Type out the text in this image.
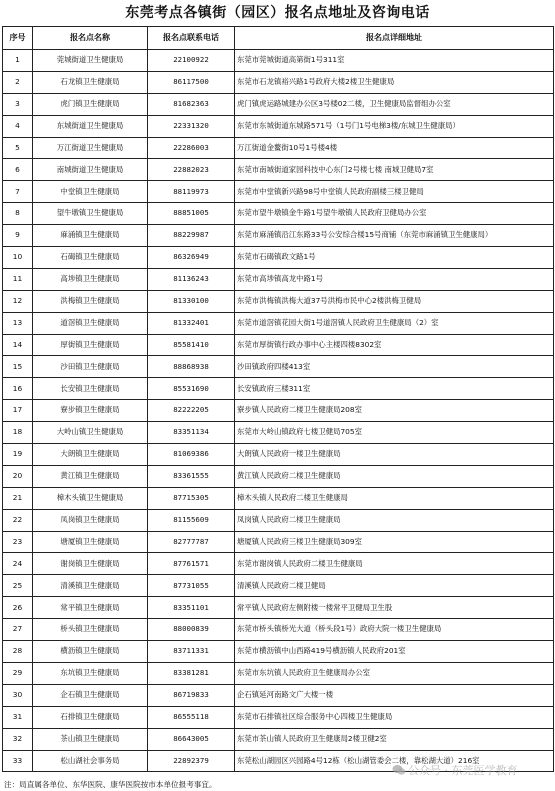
东莞考点各镇街（园区）报名点地址及咨询电话
序号	报名点名称	报名点联系电话	报名点详细地址
1	莞城街道卫生健康局	22100922	东莞市莞城街道高第街1号311室
2	石龙镇卫生健康局	86117500	东莞市石龙镇裕兴路1号政府大楼2楼卫生健康局
3	虎门镇卫生健康局	81682363	虎门镇虎运路城建办公区3号楼02二楼，卫生健康局监督组办公室
4	东城街道卫生健康局	22331320	东莞市东城街道东城路571号（1号门1号电梯3楼/东城卫生健康局）
5	万江街道卫生健康局	22286003	万江街道金鳌街10号1号楼4楼
6	南城街道卫生健康局	22882023	东莞市南城街道家园科技中心东门2号楼七楼 南城卫健局7室
7	中堂镇卫生健康局	88119973	东莞市中堂镇新兴路98号中堂镇人民政府副楼三楼卫健局
8	望牛墩镇卫生健康局	88851005	东莞市望牛墩镇金牛路1号望牛墩镇人民政府卫健局办公室
9	麻涌镇卫生健康局	88229987	东莞市麻涌镇沿江东路33号公安综合楼15号商铺（东莞市麻涌镇卫生健康局）
10	石碣镇卫生健康局	86326949	东莞市石碣镇政文路1号
11	高埗镇卫生健康局	81136243	东莞市高埗镇高龙中路1号
12	洪梅镇卫生健康局	81330100	东莞市洪梅镇洪梅大道37号洪梅市民中心2楼洪梅卫健局
13	道滘镇卫生健康局	81332401	东莞市道滘镇花园大街1号道滘镇人民政府卫生健康局（2）室
14	厚街镇卫生健康局	85581410	东莞市厚街镇行政办事中心主楼四楼8302室
15	沙田镇卫生健康局	88868938	沙田镇政府四楼413室
16	长安镇卫生健康局	85531690	长安镇政府三楼311室
17	寮步镇卫生健康局	82222205	寮步镇人民政府二楼卫生健康局208室
18	大岭山镇卫生健康局	83351134	东莞市大岭山镇政府七楼卫健局705室
19	大朗镇卫生健康局	81069386	大朗镇人民政府一楼卫生健康局
20	黄江镇卫生健康局	83361555	黄江镇人民政府二楼卫生健康局
21	樟木头镇卫生健康局	87715305	樟木头镇人民政府二楼卫生健康局
22	凤岗镇卫生健康局	81155609	凤岗镇人民政府二楼卫生健康局
23	塘厦镇卫生健康局	82777787	塘厦镇人民政府三楼卫生健康局309室
24	谢岗镇卫生健康局	87761571	东莞市谢岗镇人民政府二楼卫生健康局
25	清溪镇卫生健康局	87731055	清溪镇人民政府二楼卫健局
26	常平镇卫生健康局	83351101	常平镇人民政府左侧附楼一楼常平卫健局卫生股
27	桥头镇卫生健康局	88000839	东莞市桥头镇桥光大道（桥头段1号）政府大院一楼卫生健康局
28	横沥镇卫生健康局	83711331	东莞市横沥镇中山西路419号横沥镇人民政府201室
29	东坑镇卫生健康局	83381281	东莞市东坑镇人民政府卫生健康局办公室
30	企石镇卫生健康局	86719833	企石镇延河南路文广大楼一楼
31	石排镇卫生健康局	86555118	东莞市石排镇社区综合服务中心四楼卫生健康局
32	茶山镇卫生健康局	86643005	东莞市茶山镇人民政府卫生健康局2楼卫健2室
33	松山湖社会事务局	22892379	东莞松山湖园区兴园路4号12栋（松山湖管委会二楼，靠松湖大道）216室
注：局直属各单位、东华医院、康华医院按市本单位报考事宜。
公众号 · 东莞医学教育
